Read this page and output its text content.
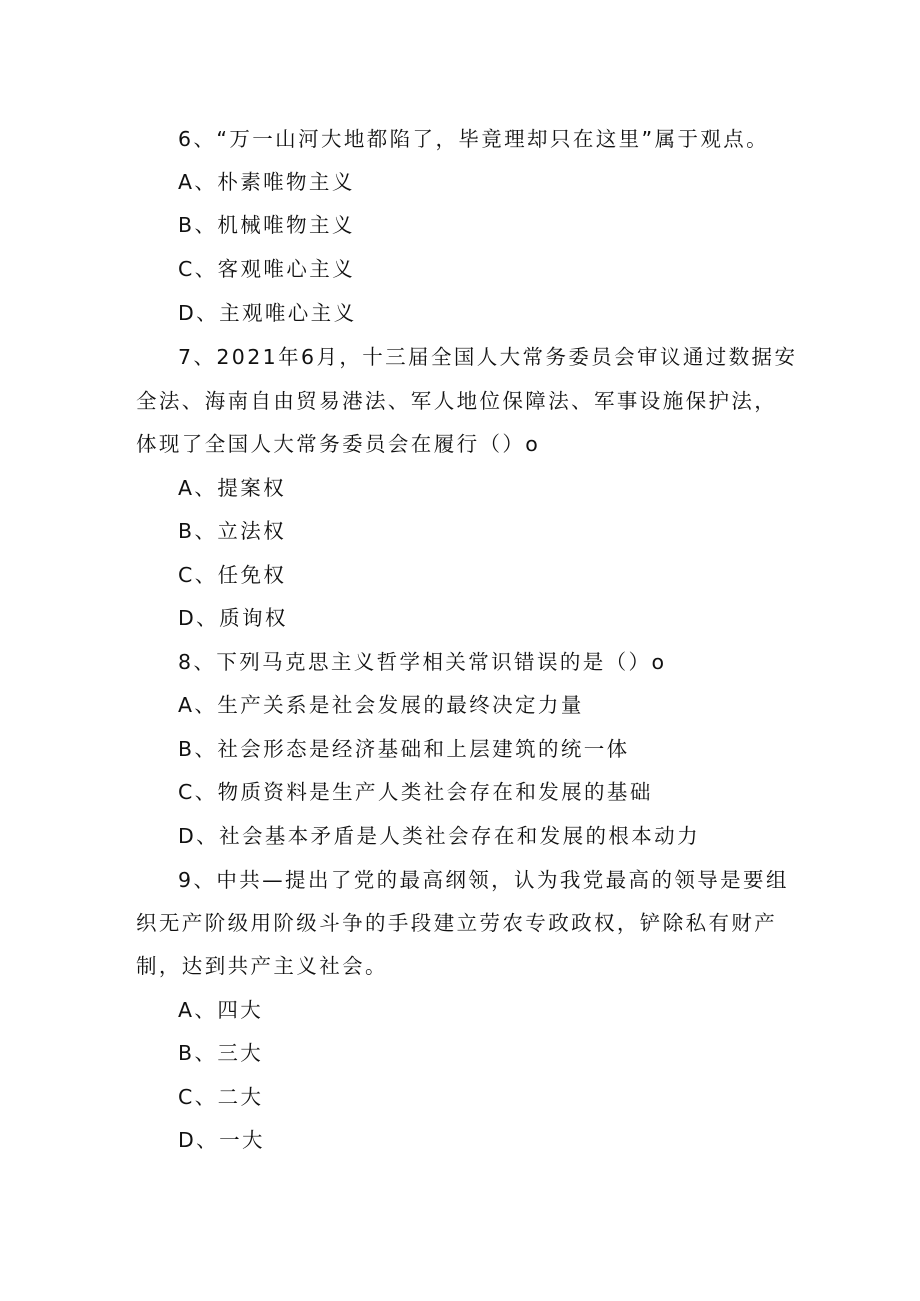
6、“万一山河大地都陷了，毕竟理却只在这里”属于观点。
A、朴素唯物主义
B、机械唯物主义
C、客观唯心主义
D、主观唯心主义
7、2021年6月，十三届全国人大常务委员会审议通过数据安
全法、海南自由贸易港法、军人地位保障法、军事设施保护法，
体现了全国人大常务委员会在履行（）o
A、提案权
B、立法权
C、任免权
D、质询权
8、下列马克思主义哲学相关常识错误的是（）o
A、生产关系是社会发展的最终决定力量
B、社会形态是经济基础和上层建筑的统一体
C、物质资料是生产人类社会存在和发展的基础
D、社会基本矛盾是人类社会存在和发展的根本动力
9、中共—提出了党的最高纲领，认为我党最高的领导是要组
织无产阶级用阶级斗争的手段建立劳农专政政权，铲除私有财产
制，达到共产主义社会。
A、四大
B、三大
C、二大
D、一大
